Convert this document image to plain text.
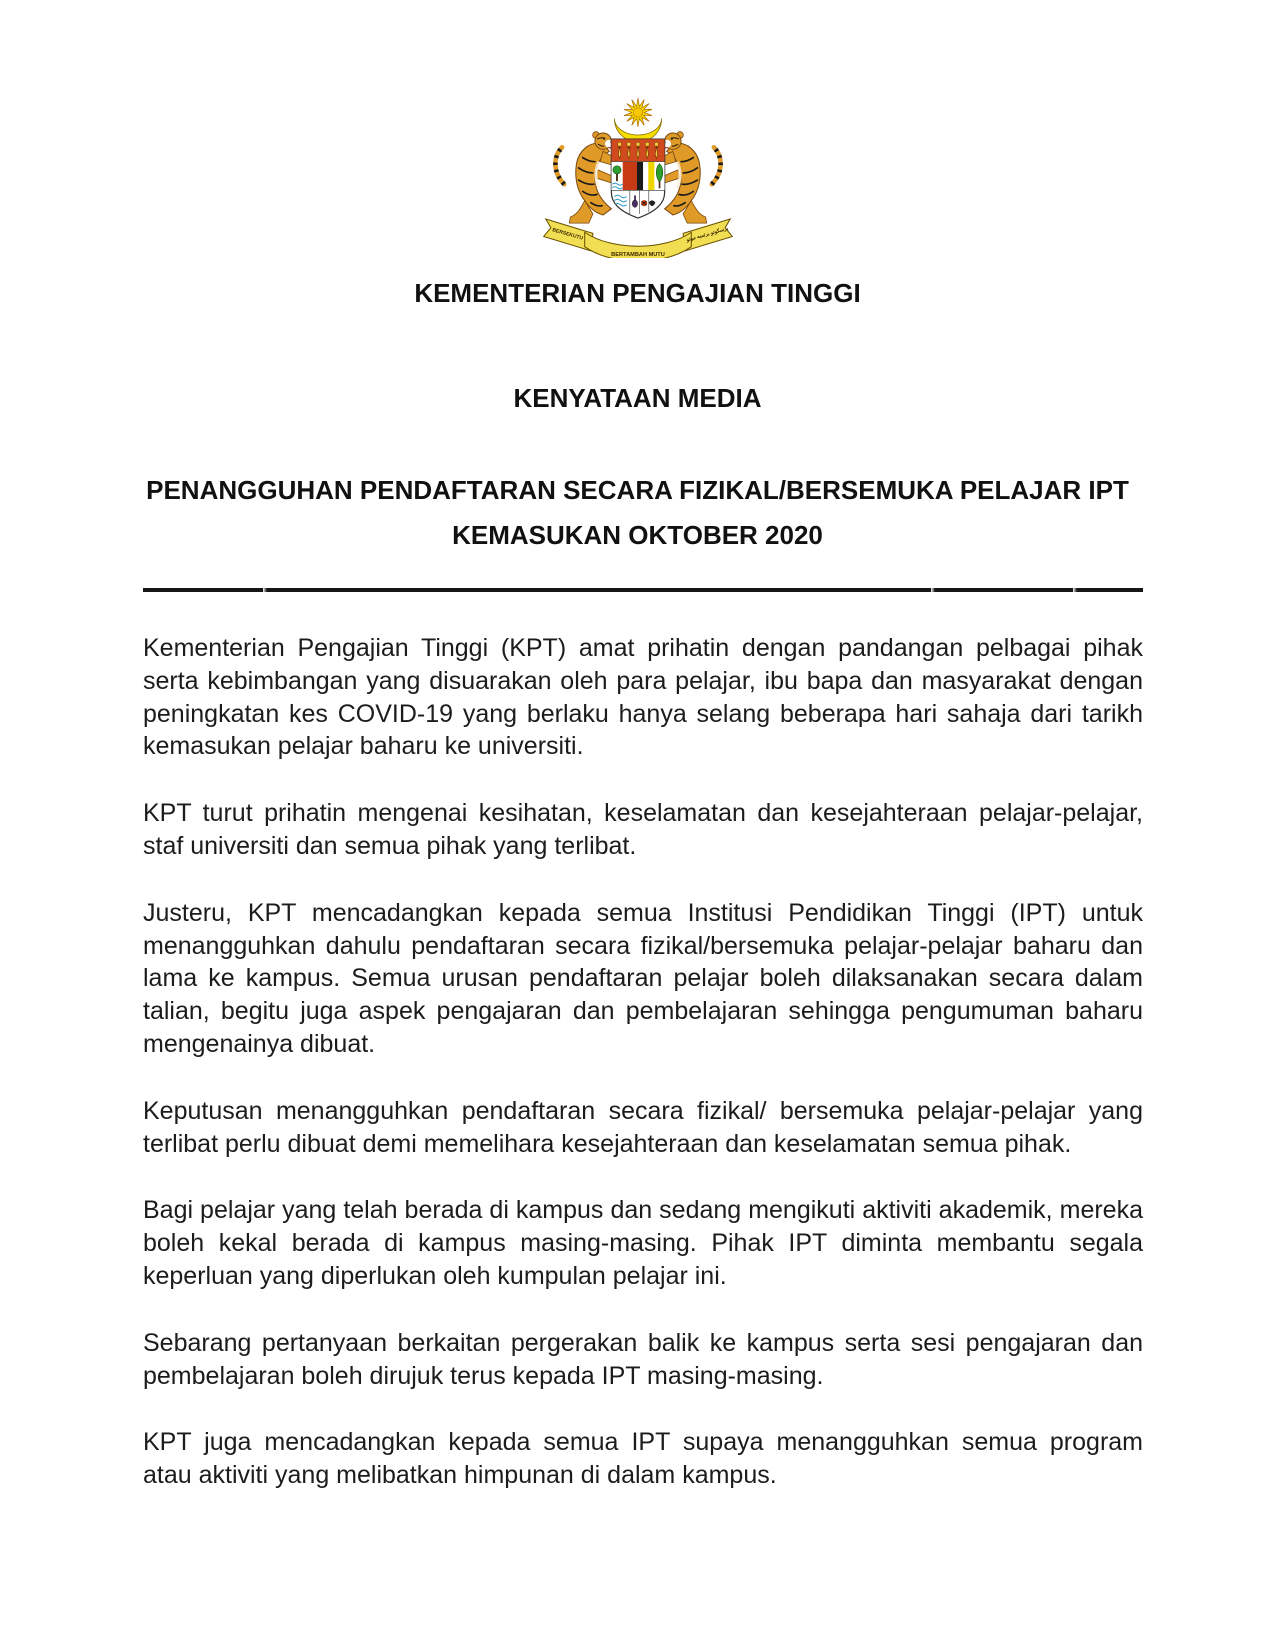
BERSEKUTU
BERTAMBAH MUTU
برسكوتو برتمبه موتو
KEMENTERIAN PENGAJIAN TINGGI
KENYATAAN MEDIA
PENANGGUHAN PENDAFTARAN SECARA FIZIKAL/BERSEMUKA PELAJAR IPT
KEMASUKAN OKTOBER 2020

Kementerian Pengajian Tinggi (KPT) amat prihatin dengan pandangan pelbagai pihak serta kebimbangan yang disuarakan oleh para pelajar, ibu bapa dan masyarakat dengan peningkatan kes COVID-19 yang berlaku hanya selang beberapa hari sahaja dari tarikh kemasukan pelajar baharu ke universiti.

KPT turut prihatin mengenai kesihatan, keselamatan dan kesejahteraan pelajar-pelajar, staf universiti dan semua pihak yang terlibat.

Justeru, KPT mencadangkan kepada semua Institusi Pendidikan Tinggi (IPT) untuk menangguhkan dahulu pendaftaran secara fizikal/bersemuka pelajar-pelajar baharu dan lama ke kampus. Semua urusan pendaftaran pelajar boleh dilaksanakan secara dalam talian, begitu juga aspek pengajaran dan pembelajaran sehingga pengumuman baharu mengenainya dibuat.

Keputusan menangguhkan pendaftaran secara fizikal/ bersemuka pelajar-pelajar yang terlibat perlu dibuat demi memelihara kesejahteraan dan keselamatan semua pihak.

Bagi pelajar yang telah berada di kampus dan sedang mengikuti aktiviti akademik, mereka boleh kekal berada di kampus masing-masing. Pihak IPT diminta membantu segala keperluan yang diperlukan oleh kumpulan pelajar ini.

Sebarang pertanyaan berkaitan pergerakan balik ke kampus serta sesi pengajaran dan pembelajaran boleh dirujuk terus kepada IPT masing-masing.

KPT juga mencadangkan kepada semua IPT supaya menangguhkan semua program atau aktiviti yang melibatkan himpunan di dalam kampus.
